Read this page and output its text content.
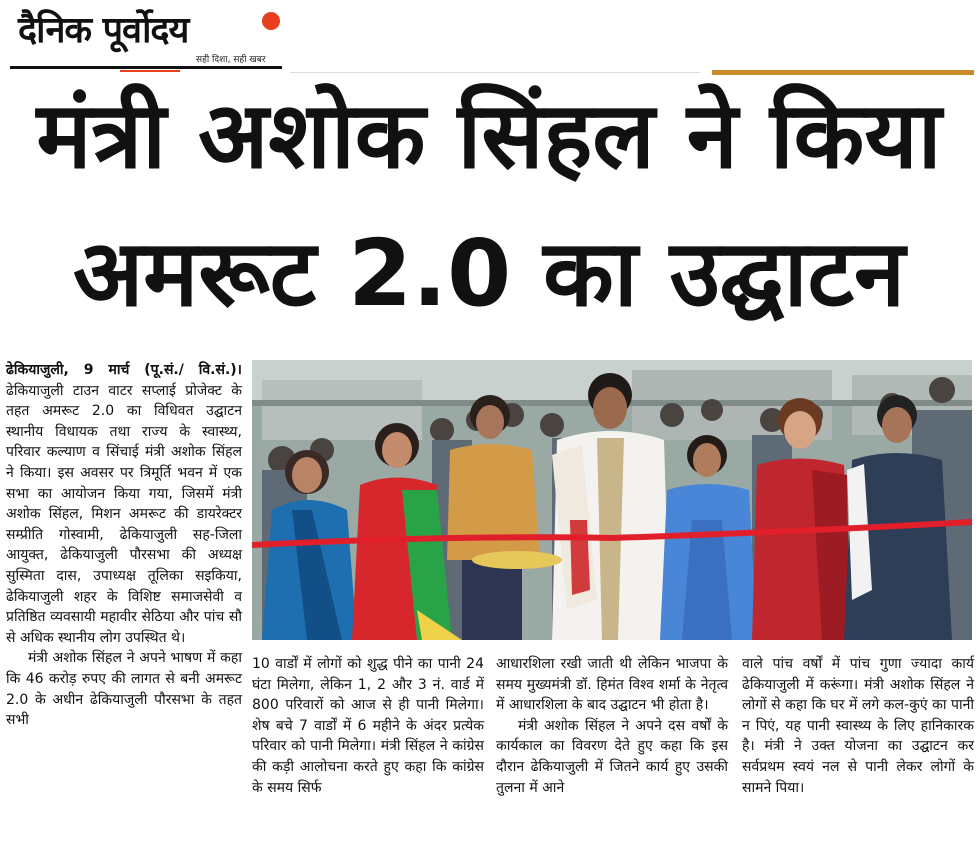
दैनिक पूर्वोदय
सही दिशा, सही खबर
मंत्री अशोक सिंहल ने किया
अमरूट 2.0 का उद्घाटन

ढेकियाजुली, 9 मार्च (पू.सं./ वि.सं.)। ढेकियाजुली टाउन वाटर सप्लाई प्रोजेक्ट के तहत अमरूट 2.0 का विधिवत उद्घाटन स्थानीय विधायक तथा राज्य के स्वास्थ्य, परिवार कल्याण व सिंचाई मंत्री अशोक सिंहल ने किया। इस अवसर पर त्रिमूर्ति भवन में एक सभा का आयोजन किया गया, जिसमें मंत्री अशोक सिंहल, मिशन अमरूट की डायरेक्टर सम्प्रीति गोस्वामी, ढेकियाजुली सह-जिला आयुक्त, ढेकियाजुली पौरसभा की अध्यक्ष सुस्मिता दास, उपाध्यक्ष तूलिका सइकिया, ढेकियाजुली शहर के विशिष्ट समाजसेवी व प्रतिष्ठित व्यवसायी महावीर सेठिया और पांच सौ से अधिक स्थानीय लोग उपस्थित थे।

मंत्री अशोक सिंहल ने अपने भाषण में कहा कि 46 करोड़ रुपए की लागत से बनी अमरूट 2.0 के अधीन ढेकियाजुली पौरसभा के तहत सभी

10 वार्डों में लोगों को शुद्ध पीने का पानी 24 घंटा मिलेगा, लेकिन 1, 2 और 3 नं. वार्ड में 800 परिवारों को आज से ही पानी मिलेगा। शेष बचे 7 वार्डों में 6 महीने के अंदर प्रत्येक परिवार को पानी मिलेगा। मंत्री सिंहल ने कांग्रेस की कड़ी आलोचना करते हुए कहा कि कांग्रेस के समय सिर्फ

आधारशिला रखी जाती थी लेकिन भाजपा के समय मुख्यमंत्री डॉ. हिमंत विश्व शर्मा के नेतृत्व में आधारशिला के बाद उद्घाटन भी होता है।

मंत्री अशोक सिंहल ने अपने दस वर्षों के कार्यकाल का विवरण देते हुए कहा कि इस दौरान ढेकियाजुली में जितने कार्य हुए उसकी तुलना में आने

वाले पांच वर्षों में पांच गुणा ज्यादा कार्य ढेकियाजुली में करूंगा। मंत्री अशोक सिंहल ने लोगों से कहा कि घर में लगे कल-कुएं का पानी न पिएं, यह पानी स्वास्थ्य के लिए हानिकारक है। मंत्री ने उक्त योजना का उद्घाटन कर सर्वप्रथम स्वयं नल से पानी लेकर लोगों के सामने पिया।
